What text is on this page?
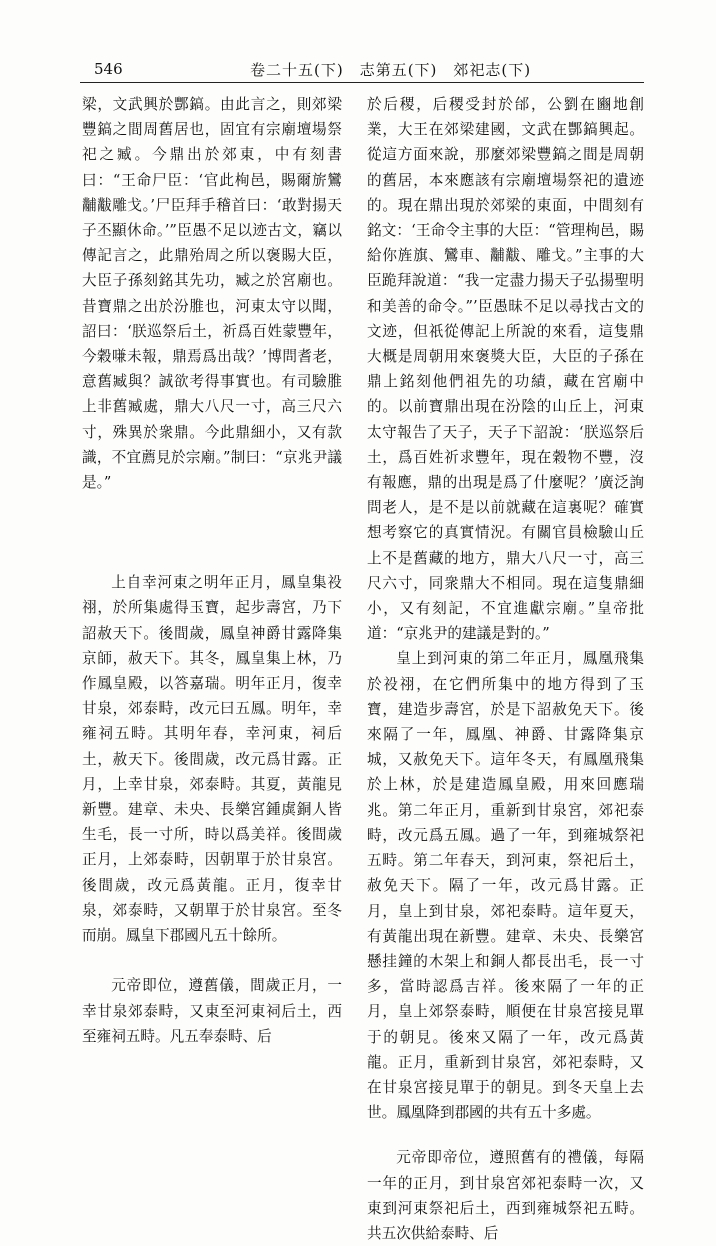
546	卷二十五(下)　志第五(下)　郊祀志(下)

梁，文武興於酆鎬。由此言之，則郊梁豐鎬之間周舊居也，固宜有宗廟壇場祭祀之臧。今鼎出於郊東，中有刻書曰：“王命尸臣：‘官此栒邑，賜爾旂鸞黼黻雕戈。’尸臣拜手稽首曰：‘敢對揚天子丕顯休命。’”臣愚不足以迹古文，竊以傳記言之，此鼎殆周之所以褒賜大臣，大臣子孫刻銘其先功，臧之於宮廟也。昔寶鼎之出於汾脽也，河東太守以聞，詔曰：‘朕巡祭后土，祈爲百姓蒙豐年，今穀嗛未報，鼎焉爲出哉？’博問耆老，意舊臧與？誠欲考得事實也。有司驗脽上非舊臧處，鼎大八尺一寸，高三尺六寸，殊異於衆鼎。今此鼎細小，又有款識，不宜薦見於宗廟。”制曰：“京兆尹議是。”

上自幸河東之明年正月，鳳皇集祋祤，於所集處得玉寶，起步壽宮，乃下詔赦天下。後間歲，鳳皇神爵甘露降集京師，赦天下。其冬，鳳皇集上林，乃作鳳皇殿，以答嘉瑞。明年正月，復幸甘泉，郊泰畤，改元曰五鳳。明年，幸雍祠五畤。其明年春，幸河東，祠后土，赦天下。後間歲，改元爲甘露。正月，上幸甘泉，郊泰畤。其夏，黃龍見新豐。建章、未央、長樂宮鍾虡銅人皆生毛，長一寸所，時以爲美祥。後間歲正月，上郊泰畤，因朝單于於甘泉宮。後間歲，改元爲黃龍。正月，復幸甘泉，郊泰畤，又朝單于於甘泉宮。至冬而崩。鳳皇下郡國凡五十餘所。

元帝即位，遵舊儀，間歲正月，一幸甘泉郊泰畤，又東至河東祠后土，西至雍祠五畤。凡五奉泰畤、后

於后稷，后稷受封於邰，公劉在豳地創業，大王在郊梁建國，文武在酆鎬興起。從這方面來說，那麼郊梁豐鎬之間是周朝的舊居，本來應該有宗廟壇場祭祀的遺迹的。現在鼎出現於郊梁的東面，中間刻有銘文：‘王命令主事的大臣：“管理栒邑，賜給你旌旗、鸞車、黼黻、雕戈。”主事的大臣跪拜說道：“我一定盡力揚天子弘揚聖明和美善的命令。”’臣愚昧不足以尋找古文的文迹，但祇從傳記上所說的來看，這隻鼎大概是周朝用來褒獎大臣，大臣的子孫在鼎上銘刻他們祖先的功績，藏在宮廟中的。以前寶鼎出現在汾陰的山丘上，河東太守報告了天子，天子下詔說：‘朕巡祭后土，爲百姓祈求豐年，現在穀物不豐，沒有報應，鼎的出現是爲了什麼呢？’廣泛詢問老人，是不是以前就藏在這裏呢？確實想考察它的真實情況。有關官員檢驗山丘上不是舊藏的地方，鼎大八尺一寸，高三尺六寸，同衆鼎大不相同。現在這隻鼎細小，又有刻記，不宜進獻宗廟。”皇帝批道：“京兆尹的建議是對的。”

皇上到河東的第二年正月，鳳凰飛集於祋祤，在它們所集中的地方得到了玉寶，建造步壽宮，於是下詔赦免天下。後來隔了一年，鳳凰、神爵、甘露降集京城，又赦免天下。這年冬天，有鳳凰飛集於上林，於是建造鳳皇殿，用來回應瑞兆。第二年正月，重新到甘泉宮，郊祀泰畤，改元爲五鳳。過了一年，到雍城祭祀五畤。第二年春天，到河東，祭祀后土，赦免天下。隔了一年，改元爲甘露。正月，皇上到甘泉，郊祀泰畤。這年夏天，有黃龍出現在新豐。建章、未央、長樂宮懸挂鐘的木架上和銅人都長出毛，長一寸多，當時認爲吉祥。後來隔了一年的正月，皇上郊祭泰畤，順便在甘泉宮接見單于的朝見。後來又隔了一年，改元爲黃龍。正月，重新到甘泉宮，郊祀泰畤，又在甘泉宮接見單于的朝見。到冬天皇上去世。鳳凰降到郡國的共有五十多處。

元帝即帝位，遵照舊有的禮儀，每隔一年的正月，到甘泉宮郊祀泰畤一次，又東到河東祭祀后土，西到雍城祭祀五畤。共五次供給泰畤、后
